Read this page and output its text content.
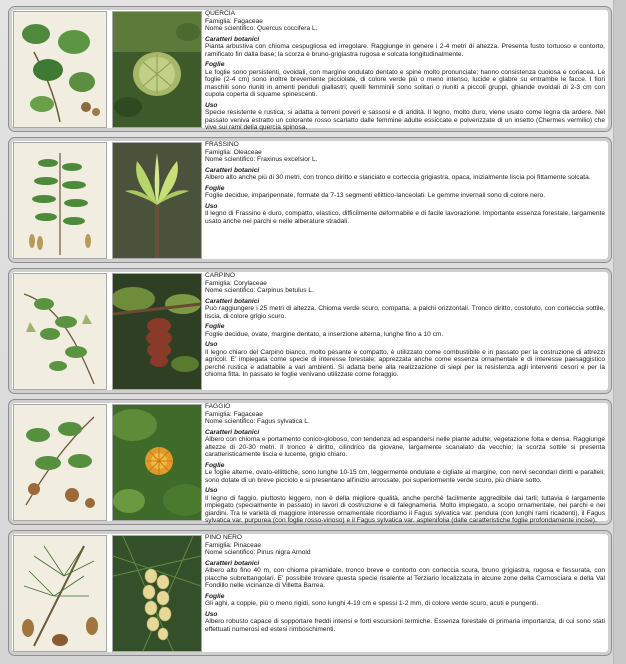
QUERCIA

Famiglia: Fagaceae

Nome scientifico: Quercus coccifera L.

Caratteri botanici

Pianta arbustiva con chioma cespugliosa ed irregolare. Raggiunge in genere i 2-4 metri di altezza. Presenta fusto tortuoso e contorto, ramificato fin dalla base; la scorza è bruno-grigiastra rugosa e solcata longitudinalmente.

Foglie

Le foglie sono persistenti, ovoidali, con margine ondulato dentato e spine molto pronunciate; hanno consistenza cuoiosa e coriacea. Le foglie (2-4 cm) sono inoltre brevemente picciolate, di colore verde più o meno intenso, lucide e glabre su entrambe le facce. I fiori maschili sono riuniti in amenti penduli giallastri; quelli femminili sono solitari o riuniti a piccoli gruppi, ghiande ovoidali di 2-3 cm con cupola coperta di squame spinescenti.

Uso

Specie resistente e rustica, si adatta a terreni poveri e sassosi e di aridità. Il legno, molto duro, viene usato come legna da ardere. Nel passato veniva estratto un colorante rosso scarlatto dalle femmine adulte essiccate e polverizzate di un insetto (Chermes vermilio) che vive sui rami della quercia spinosa.

FRASSINO

Famiglia: Oleaceae

Nome scientifico: Fraxinus excelsior L.

Caratteri botanici

Albero alto anche più di 30 metri, con tronco diritto e slanciato e corteccia grigiastra, opaca, inizialmente liscia poi fittamente solcata.

Foglie

Foglie decidue, imparipennate, formate da 7-13 segmenti ellittico-lanceolati. Le gemme invernali sono di colore nero.

Uso

Il legno di Frassino è duro, compatto, elastico, difficilmente deformabile e di facile lavorazione. Importante essenza forestale, largamente usato anche nei parchi e nelle alberature stradali.

CARPINO

Famiglia: Corylaceae

Nome scientifico: Carpinus betulus L.

Caratteri botanici

Può raggiungere i 25 metri di altezza. Chioma verde scuro, compatta, a palchi orizzontali. Tronco diritto, costoluto, con corteccia sottile, liscia, di colore grigio scuro.

Foglie

Foglie decidue, ovate, margine dentato, a inserzione alterna, lunghe fino a 10 cm.

Uso

Il legno chiaro del Carpino bianco, molto pesante e compatto, è utilizzato come combustibile e in passato per la costruzione di attrezzi agricoli. E' impiegata come specie di interesse forestale; apprezzata anche come essenza ornamentale e di interesse paesaggistico perché rustica e adattabile a vari ambienti. Si adatta bene alla realizzazione di siepi per la resistenza agli interventi cesori e per la chioma fitta. In passato le foglie venivano utilizzate come foraggio.

FAGGIO

Famiglia: Fagaceae

Nome scientifico: Fagus sylvatica L.

Caratteri botanici

Albero con chioma e portamento conico-globoso, con tendenza ad espandersi nelle piante adulte; vegetazione folta e densa. Raggiunge altezze di 20-30 metri. Il tronco è diritto, cilindrico da giovane, largamente scanalato da vecchio; la scorza sottile si presenta caratteristicamente liscia e lucente, grigio chiaro.

Foglie

Le foglie alterne, ovato-ellittiche, sono lunghe 10-15 cm, leggermente ondulate e cigliate al margine, con nervi secondari diritti e paralleli; sono dotate di un breve picciolo e si presentano all'inizio arrossate, poi superiormente verde scuro, più chiare sotto.

Uso

Il legno di faggio, piuttosto leggero, non è della migliore qualità, anche perché facilmente aggredibile dai tarli; tuttavia è largamente impiegato (specialmente in passato) in lavori di costruzione e di falegnameria. Molto impiegato, a scopo ornamentale, nei parchi e nei giardini. Tra le varietà di maggiore interesse ornamentale ricordiamo il Fagus sylvatica var. pendula (con lunghi rami ricadenti), il Fagus sylvatica var. purpurea (con foglie rosso-vinoso) e il Fagus sylvatica var. asplenifolia (dalle caratteristiche foglie profondamente incise).

PINO NERO

Famiglia: Pinaceae

Nome scientifico: Pinus nigra Arnold

Caratteri botanici

Albero alto fino 40 m, con chioma piramidale, tronco breve e contorto con corteccia scura, bruno grigiastra, rugosa e fessurata, con placche subrettangolari. E' possibile trovare questa specie risalente al Terziario localizzata in alcune zone della Carnosciara e della Val Fondillo nelle vicinanze di Villetta Barrea.

Foglie

Gli aghi, a coppie, più o meno rigidi, sono lunghi 4-19 cm e spessi 1-2 mm, di colore verde scuro, acuti e pungenti.

Uso

Albero robusto capace di sopportare freddi intensi e forti escursioni termiche. Essenza forestale di primaria importanza, di cui sono stati effettuati numerosi ed estesi rimboschimenti.
